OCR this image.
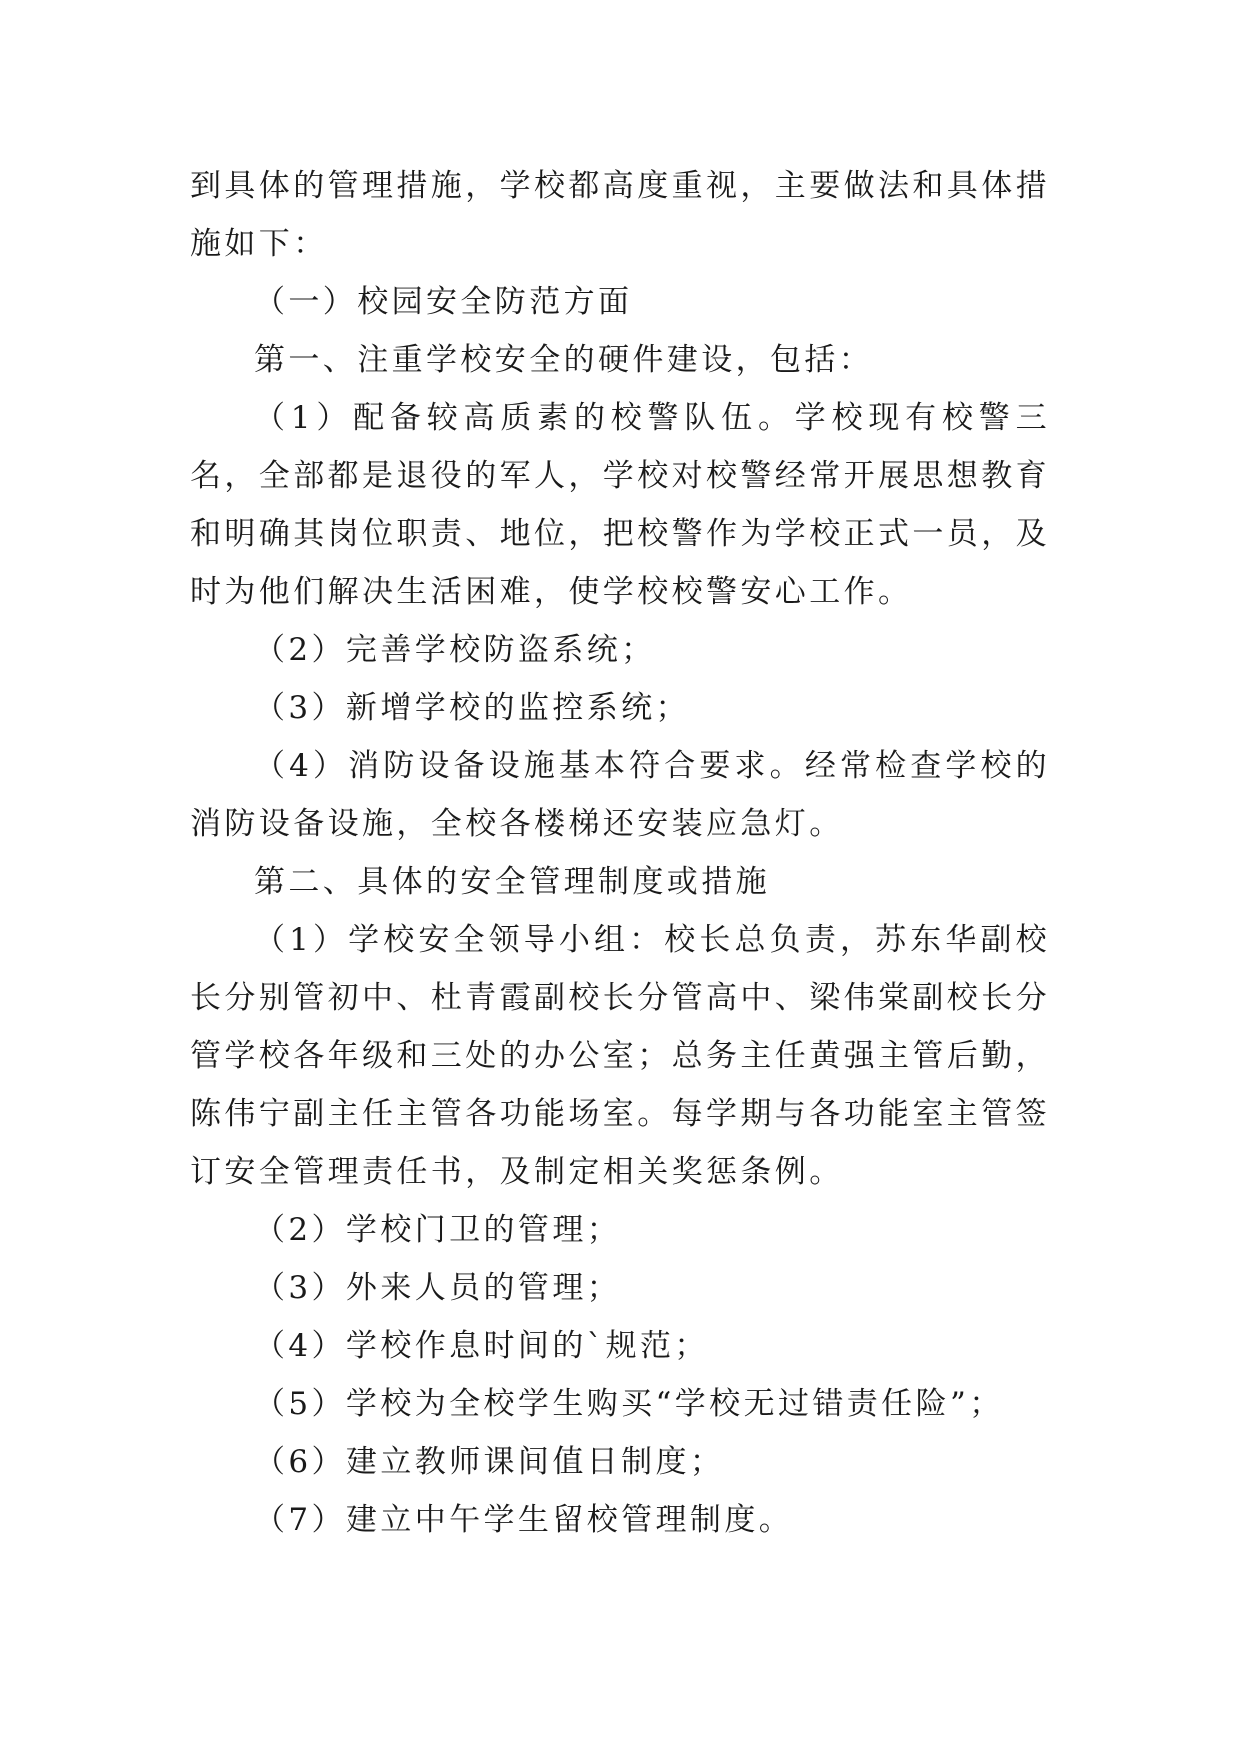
到具体的管理措施，学校都高度重视，主要做法和具体措施如下：

（一）校园安全防范方面

第一、注重学校安全的硬件建设，包括：

（1）配备较高质素的校警队伍。学校现有校警三名，全部都是退役的军人，学校对校警经常开展思想教育和明确其岗位职责、地位，把校警作为学校正式一员，及时为他们解决生活困难，使学校校警安心工作。

（2）完善学校防盗系统；

（3）新增学校的监控系统；

（4）消防设备设施基本符合要求。经常检查学校的消防设备设施，全校各楼梯还安装应急灯。

第二、具体的安全管理制度或措施

（1）学校安全领导小组：校长总负责，苏东华副校长分别管初中、杜青霞副校长分管高中、梁伟棠副校长分管学校各年级和三处的办公室；总务主任黄强主管后勤，陈伟宁副主任主管各功能场室。每学期与各功能室主管签订安全管理责任书，及制定相关奖惩条例。

（2）学校门卫的管理；

（3）外来人员的管理；

（4）学校作息时间的`规范；

（5）学校为全校学生购买“学校无过错责任险”；

（6）建立教师课间值日制度；

（7）建立中午学生留校管理制度。
